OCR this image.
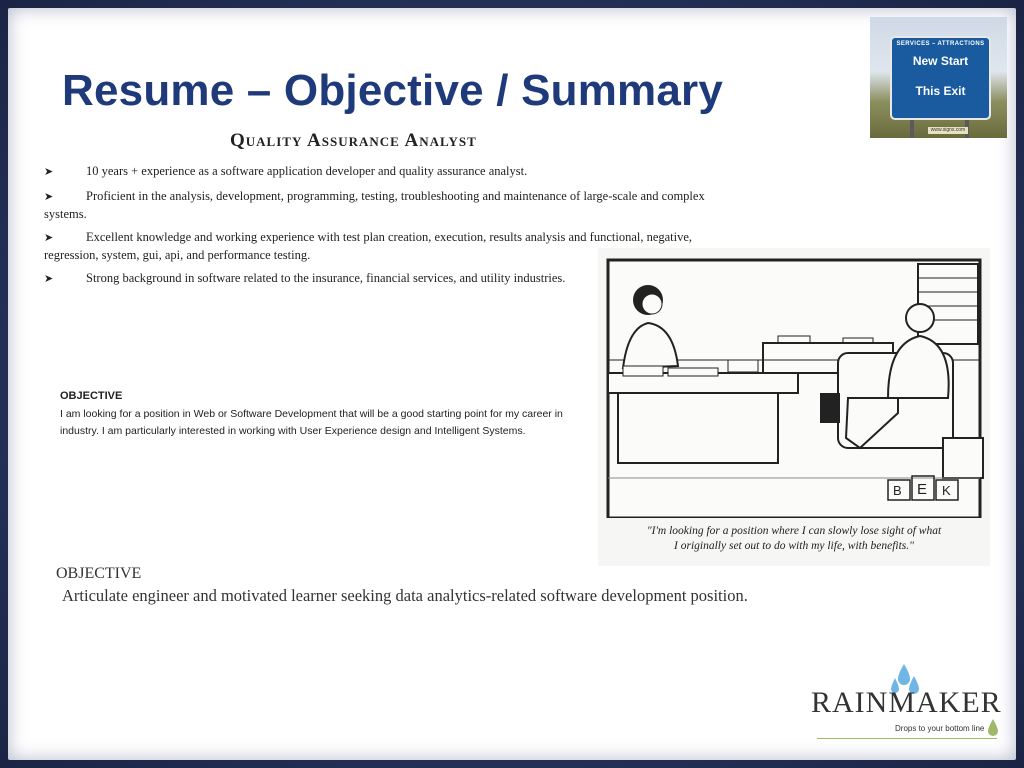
Resume – Objective / Summary
SERVICES – ATTRACTIONS
New Start
This Exit
www.signs.com
Quality Assurance Analyst
➤	10 years + experience as a software application developer and quality assurance analyst.
➤	Proficient in the analysis, development, programming, testing, troubleshooting and maintenance of large-scale and complex systems.
➤	Excellent knowledge and working experience with test plan creation, execution, results analysis and functional, negative, regression, system, gui, api, and performance testing.
➤	Strong background in software related to the insurance, financial services, and utility industries.
OBJECTIVE
I am looking for a position in Web or Software Development that will be a good starting point for my career in industry. I am particularly interested in working with User Experience design and Intelligent Systems.
B E K
"I'm looking for a position where I can slowly lose sight of what
I originally set out to do with my life, with benefits."
OBJECTIVE
Articulate engineer and motivated learner seeking data analytics-related software development position.
RAINMAKER
Drops to your bottom line
